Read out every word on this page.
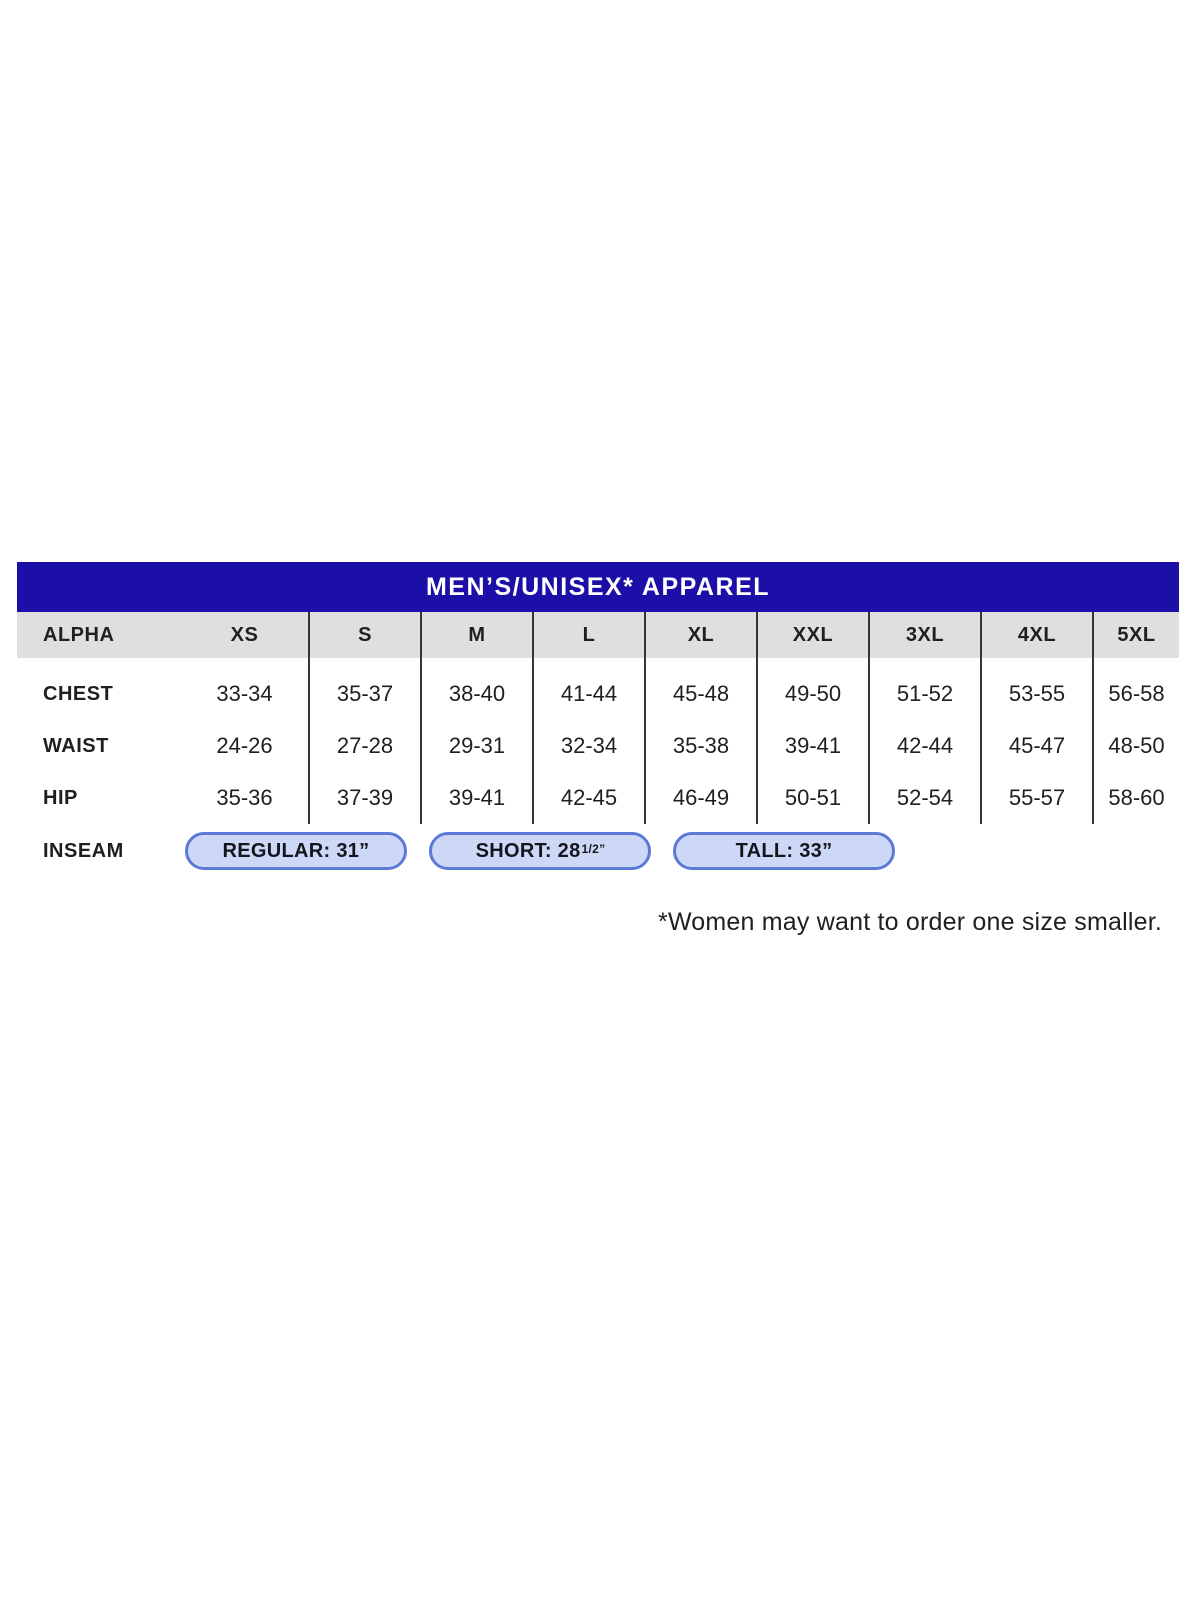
MEN’S/UNISEX* APPAREL
ALPHA	XS	S	M	L	XL	XXL	3XL	4XL	5XL
CHEST	33-34	35-37	38-40	41-44	45-48	49-50	51-52	53-55	56-58
WAIST	24-26	27-28	29-31	32-34	35-38	39-41	42-44	45-47	48-50
HIP	35-36	37-39	39-41	42-45	46-49	50-51	52-54	55-57	58-60
INSEAM	REGULAR: 31”	SHORT: $28^{1/2”}$	TALL: 33”
*Women may want to order one size smaller.
